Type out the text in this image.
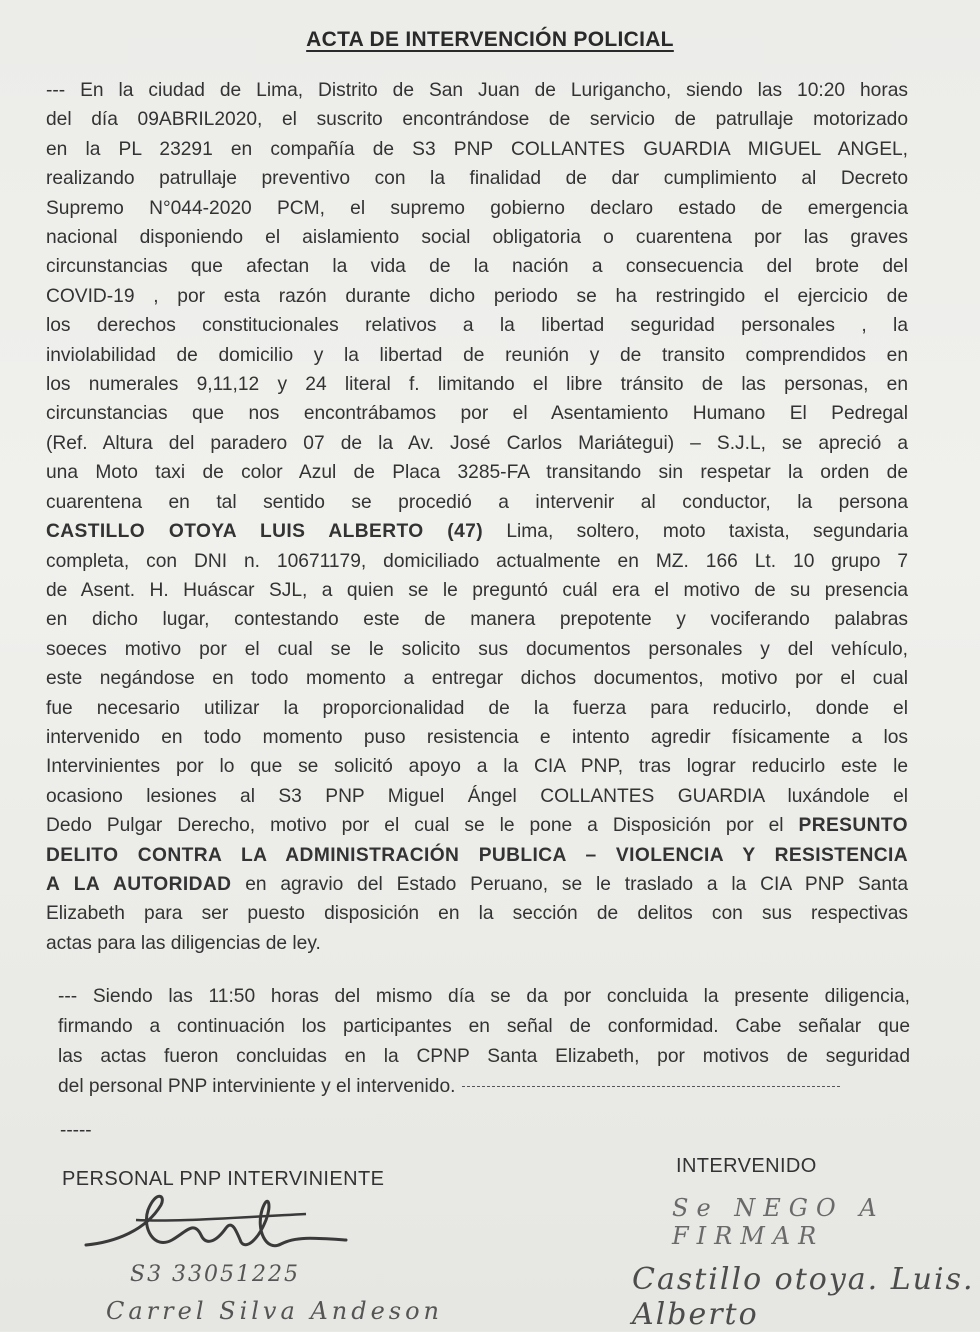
ACTA DE INTERVENCIÓN POLICIAL
--- En la ciudad de Lima, Distrito de San Juan de Lurigancho, siendo las 10:20 horas
del día 09ABRIL2020, el suscrito encontrándose de servicio de patrullaje motorizado
en la PL 23291 en compañía de S3 PNP COLLANTES GUARDIA MIGUEL ANGEL,
realizando patrullaje preventivo con la finalidad de dar cumplimiento al Decreto
Supremo N°044-2020 PCM, el supremo gobierno declaro estado de emergencia
nacional disponiendo el aislamiento social obligatoria o cuarentena por las graves
circunstancias que afectan la vida de la nación a consecuencia del brote del
COVID-19 , por esta razón durante dicho periodo se ha restringido el ejercicio de
los derechos constitucionales relativos a la libertad seguridad personales , la
inviolabilidad de domicilio y la libertad de reunión y de transito comprendidos en
los numerales 9,11,12 y 24 literal f. limitando el libre tránsito de las personas, en
circunstancias que nos encontrábamos por el Asentamiento Humano El Pedregal
(Ref. Altura del paradero 07 de la Av. José Carlos Mariátegui) – S.J.L, se apreció a
una Moto taxi de color Azul de Placa 3285-FA transitando sin respetar la orden de
cuarentena en tal sentido se procedió a intervenir al conductor, la persona
CASTILLO OTOYA LUIS ALBERTO (47) Lima, soltero, moto taxista, segundaria
completa, con DNI n. 10671179, domiciliado actualmente en MZ. 166 Lt. 10 grupo 7
de Asent. H. Huáscar SJL, a quien se le preguntó cuál era el motivo de su presencia
en dicho lugar, contestando este de manera prepotente y vociferando palabras
soeces motivo por el cual se le solicito sus documentos personales y del vehículo,
este negándose en todo momento a entregar dichos documentos, motivo por el cual
fue necesario utilizar la proporcionalidad de la fuerza para reducirlo, donde el
intervenido en todo momento puso resistencia e intento agredir físicamente a los
Intervinientes por lo que se solicitó apoyo a la CIA PNP, tras lograr reducirlo este le
ocasiono lesiones al S3 PNP Miguel Ángel COLLANTES GUARDIA luxándole el
Dedo Pulgar Derecho, motivo por el cual se le pone a Disposición por el PRESUNTO
DELITO CONTRA LA ADMINISTRACIÓN PUBLICA – VIOLENCIA Y RESISTENCIA
A LA AUTORIDAD en agravio del Estado Peruano, se le traslado a la CIA PNP Santa
Elizabeth para ser puesto disposición en la sección de delitos con sus respectivas
actas para las diligencias de ley.
--- Siendo las 11:50 horas del mismo día se da por concluida la presente diligencia,
firmando a continuación los participantes en señal de conformidad. Cabe señalar que
las actas fueron concluidas en la CPNP Santa Elizabeth, por motivos de seguridad
del personal PNP interviniente y el intervenido.
-----
PERSONAL PNP INTERVINIENTE
INTERVENIDO
Se NEGO A FIRMAR
Castillo otoya. Luis. Alberto
S3 33051225
Carrel Silva Andeson
